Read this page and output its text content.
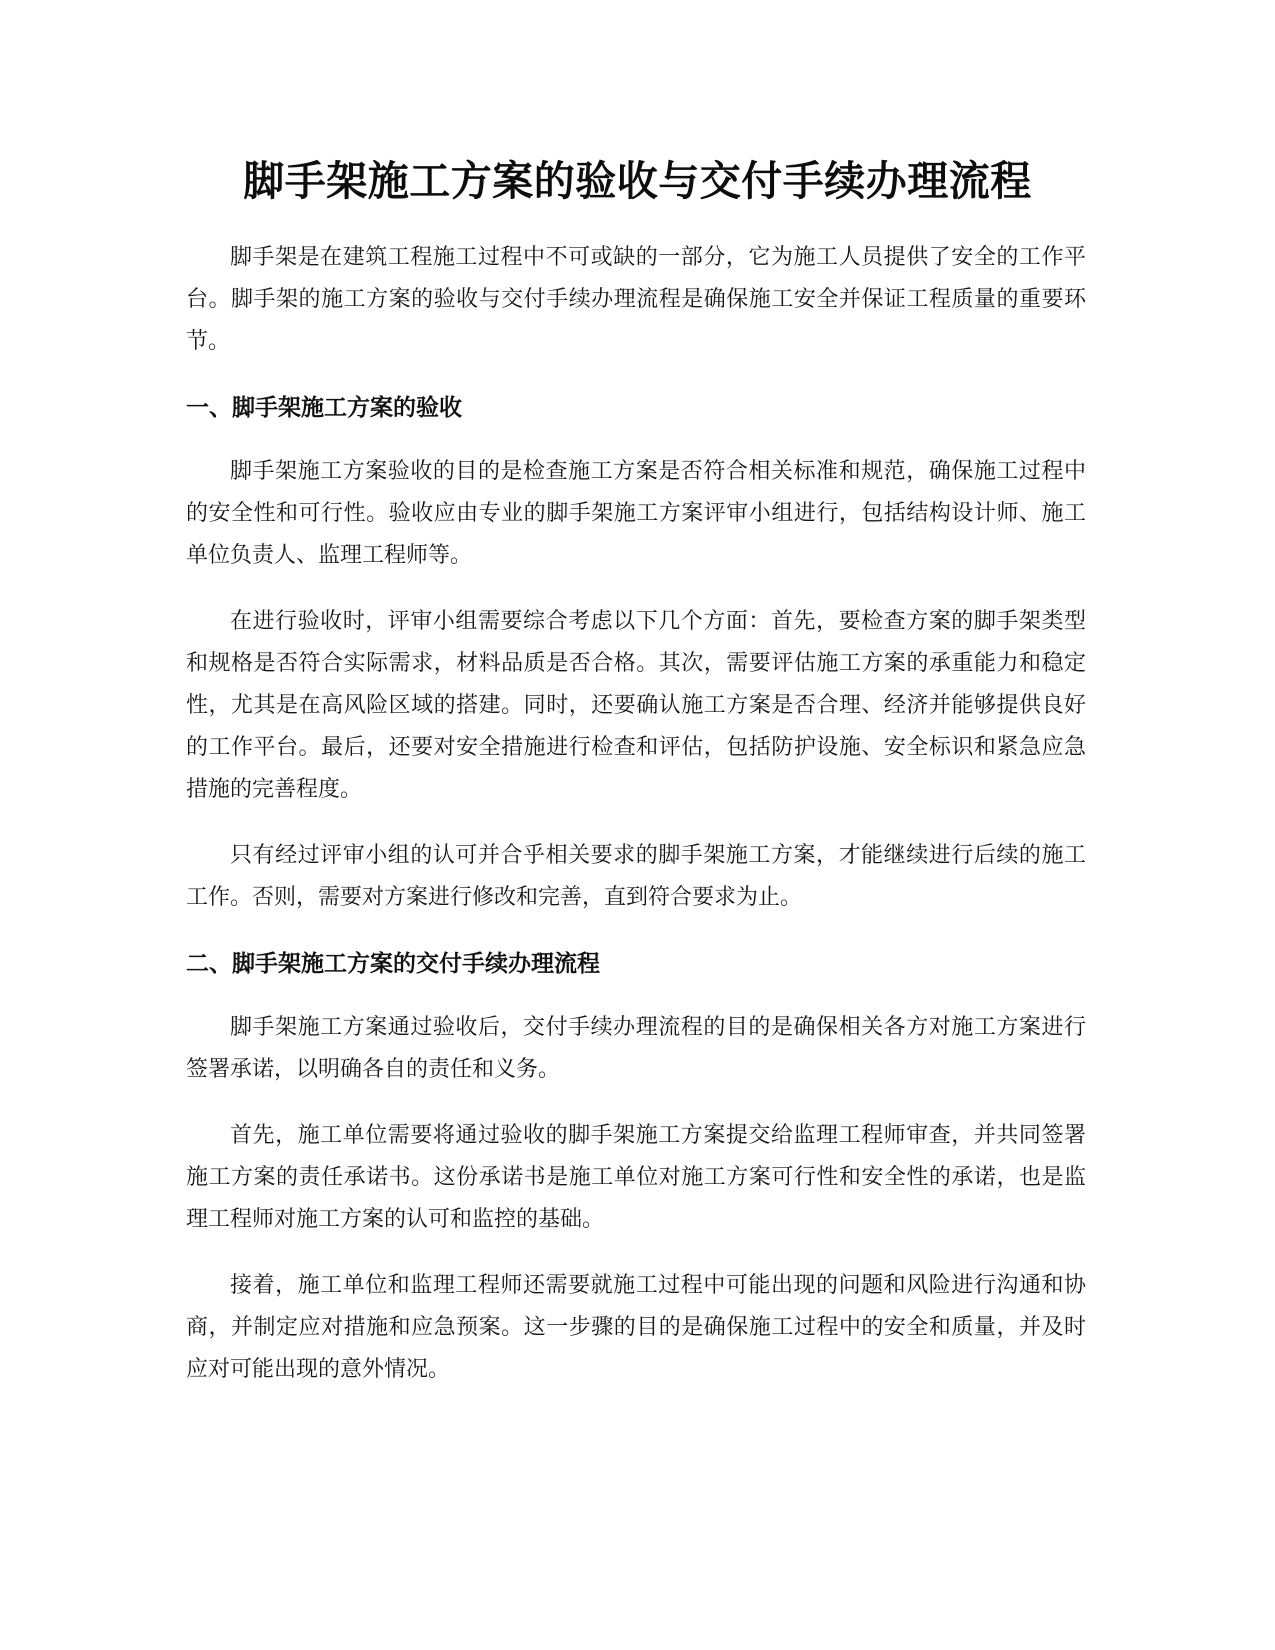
脚手架施工方案的验收与交付手续办理流程

脚手架是在建筑工程施工过程中不可或缺的一部分，它为施工人员提供了安全的工作平台。脚手架的施工方案的验收与交付手续办理流程是确保施工安全并保证工程质量的重要环节。

一、脚手架施工方案的验收

脚手架施工方案验收的目的是检查施工方案是否符合相关标准和规范，确保施工过程中的安全性和可行性。验收应由专业的脚手架施工方案评审小组进行，包括结构设计师、施工单位负责人、监理工程师等。

在进行验收时，评审小组需要综合考虑以下几个方面：首先，要检查方案的脚手架类型和规格是否符合实际需求，材料品质是否合格。其次，需要评估施工方案的承重能力和稳定性，尤其是在高风险区域的搭建。同时，还要确认施工方案是否合理、经济并能够提供良好的工作平台。最后，还要对安全措施进行检查和评估，包括防护设施、安全标识和紧急应急措施的完善程度。

只有经过评审小组的认可并合乎相关要求的脚手架施工方案，才能继续进行后续的施工工作。否则，需要对方案进行修改和完善，直到符合要求为止。

二、脚手架施工方案的交付手续办理流程

脚手架施工方案通过验收后，交付手续办理流程的目的是确保相关各方对施工方案进行签署承诺，以明确各自的责任和义务。

首先，施工单位需要将通过验收的脚手架施工方案提交给监理工程师审查，并共同签署施工方案的责任承诺书。这份承诺书是施工单位对施工方案可行性和安全性的承诺，也是监理工程师对施工方案的认可和监控的基础。

接着，施工单位和监理工程师还需要就施工过程中可能出现的问题和风险进行沟通和协商，并制定应对措施和应急预案。这一步骤的目的是确保施工过程中的安全和质量，并及时应对可能出现的意外情况。
